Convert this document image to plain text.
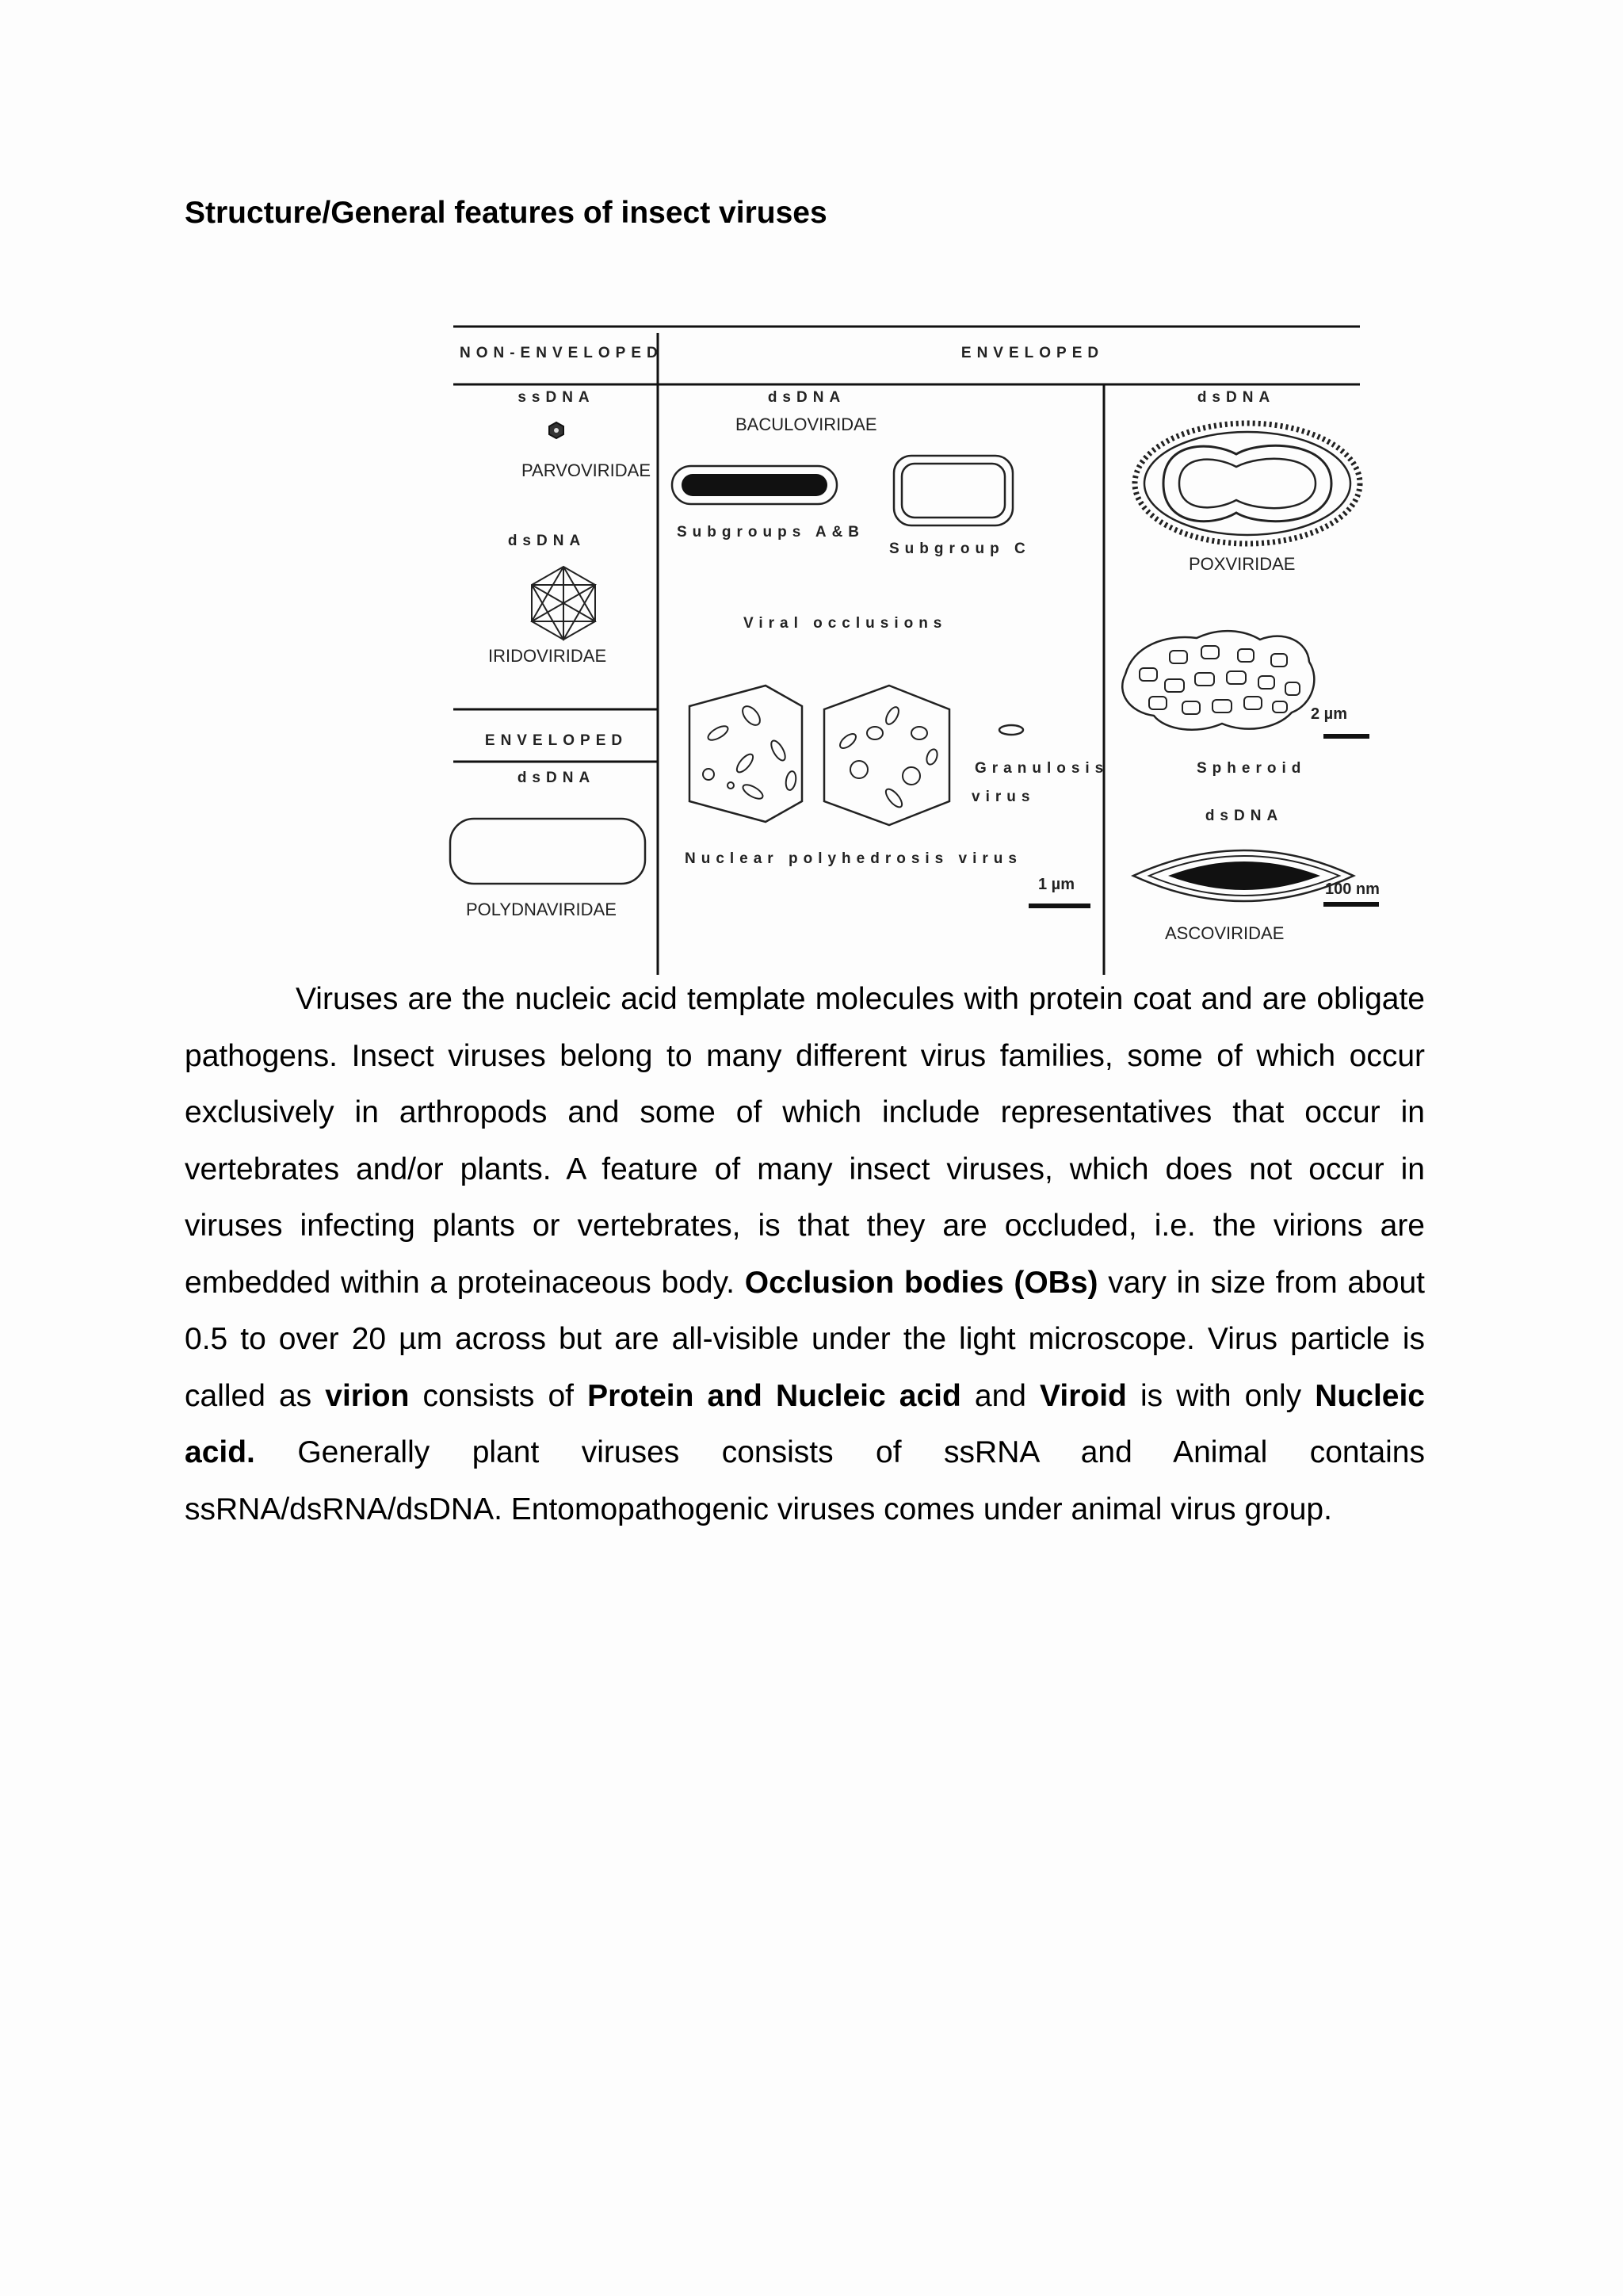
Structure/General features of insect viruses
NON-ENVELOPED	ENVELOPED
ssDNA
PARVOVIRIDAE
dsDNA
IRIDOVIRIDAE
ENVELOPED
dsDNA
POLYDNAVIRIDAE
dsDNA
BACULOVIRIDAE
Subgroups A&B
Subgroup C
Viral occlusions
Granulosis
virus
Nuclear polyhedrosis virus
1 µm
dsDNA
POXVIRIDAE
2 µm
Spheroid
dsDNA
100 nm
ASCOVIRIDAE

Viruses are the nucleic acid template molecules with protein coat and are obligate pathogens. Insect viruses belong to many different virus families, some of which occur exclusively in arthropods and some of which include representatives that occur in vertebrates and/or plants. A feature of many insect viruses, which does not occur in viruses infecting plants or vertebrates, is that they are occluded, i.e. the virions are embedded within a proteinaceous body. Occlusion bodies (OBs) vary in size from about 0.5 to over 20 µm across but are all-visible under the light microscope. Virus particle is called as virion consists of Protein and Nucleic acid and Viroid is with only Nucleic acid. Generally plant viruses consists of ssRNA and Animal contains ssRNA/dsRNA/dsDNA. Entomopathogenic viruses comes under animal virus group.
